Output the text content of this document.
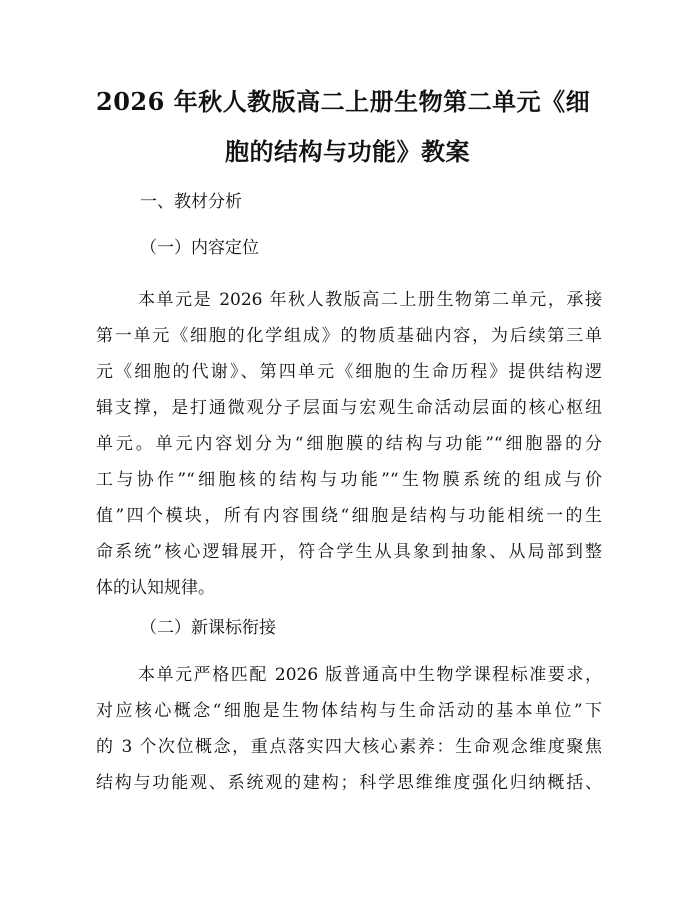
2026 年秋人教版高二上册生物第二单元《细
胞的结构与功能》教案
一、教材分析
（一）内容定位
本单元是 2026 年秋人教版高二上册生物第二单元，承接
第一单元《细胞的化学组成》的物质基础内容，为后续第三单
元《细胞的代谢》、第四单元《细胞的生命历程》提供结构逻
辑支撑，是打通微观分子层面与宏观生命活动层面的核心枢纽
单元。单元内容划分为“细胞膜的结构与功能”“细胞器的分
工与协作”“细胞核的结构与功能”“生物膜系统的组成与价
值”四个模块，所有内容围绕“细胞是结构与功能相统一的生
命系统”核心逻辑展开，符合学生从具象到抽象、从局部到整
体的认知规律。
（二）新课标衔接
本单元严格匹配 2026 版普通高中生物学课程标准要求，
对应核心概念“细胞是生物体结构与生命活动的基本单位”下
的 3 个次位概念，重点落实四大核心素养：生命观念维度聚焦
结构与功能观、系统观的建构；科学思维维度强化归纳概括、
